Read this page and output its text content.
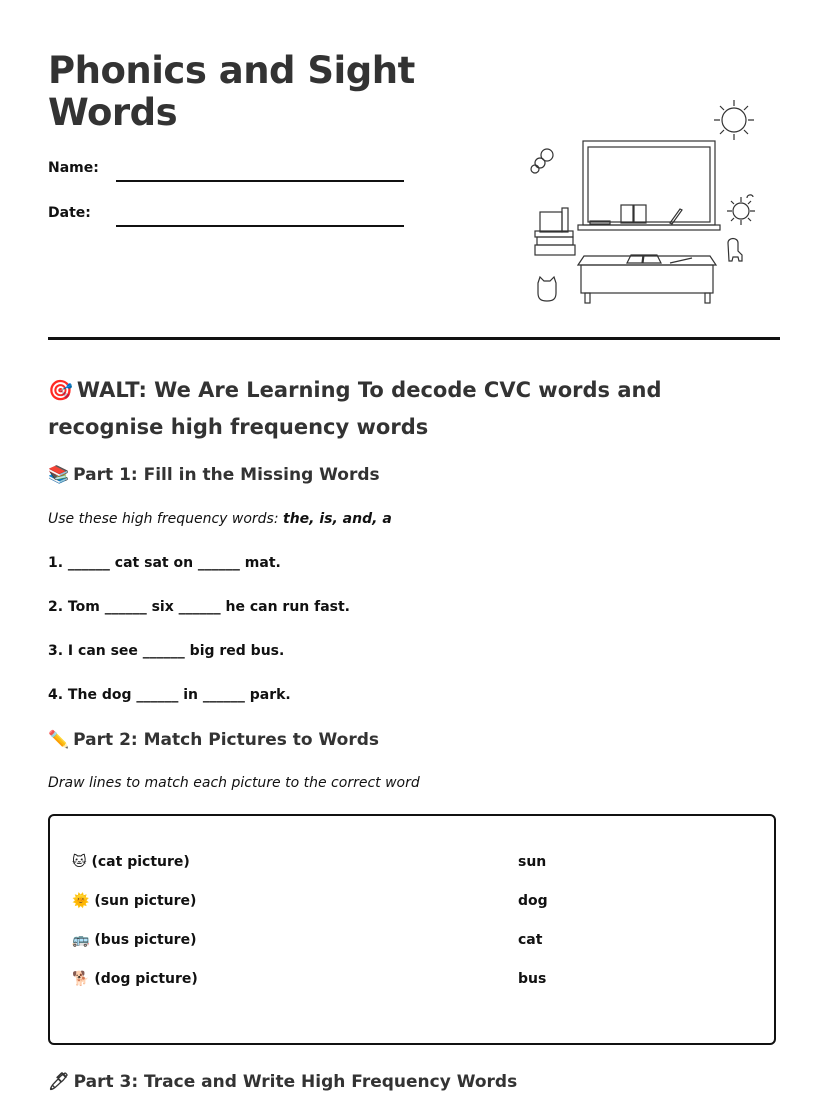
Phonics and Sight Words
Name:
Date:
🎯 WALT: We Are Learning To decode CVC words and recognise high frequency words
📚 Part 1: Fill in the Missing Words
Use these high frequency words: the, is, and, a
1. ______ cat sat on ______ mat.
2. Tom ______ six ______ he can run fast.
3. I can see ______ big red bus.
4. The dog ______ in ______ park.
✏️ Part 2: Match Pictures to Words
Draw lines to match each picture to the correct word
🐱 (cat picture)
🌞 (sun picture)
🚌 (bus picture)
🐕 (dog picture)
sun
dog
cat
bus
🖊 Part 3: Trace and Write High Frequency Words
